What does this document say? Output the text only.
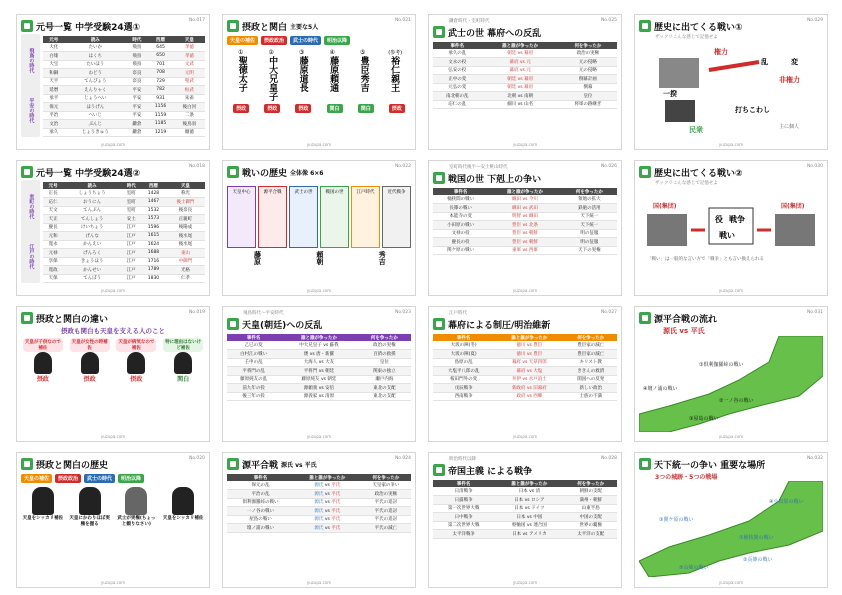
元号一覧 中学受験24選①
No.017
飛鳥の時代
平安の時代
元号	読み	時代	西暦	天皇
大化	たいか	飛鳥	645	孝徳
白雉	はくち	飛鳥	650	孝徳
大宝	たいほう	飛鳥	701	文武
和銅	わどう	奈良	708	元明
天平	てんぴょう	奈良	729	聖武
延暦	えんりゃく	平安	782	桓武
承平	じょうへい	平安	931	朱雀
保元	ほうげん	平安	1156	後白河
平治	へいじ	平安	1159	二条
文治	ぶんじ	鎌倉	1185	後鳥羽
承久	じょうきゅう	鎌倉	1219	順徳
yuzupa.com
摂政と関白 主要な5人
No.021
天皇の補佐	摂政政治	武士の時代	明治以降
①
聖徳太子
②
中大兄皇子
③
藤原道長
④
藤原頼通
⑤
豊臣秀吉
(参考)
裕仁親王
摂政	摂政	摂政	関白	関白	摂政
yuzupa.com
鎌倉時代・室町時代
武士の世 幕府への反乱
No.025
事件名	誰と誰が争ったか	何を争ったか
承久の乱	朝廷 vs 幕府	政治の実権
文永の役	幕府 vs 元	元の侵略
弘安の役	幕府 vs 元	元の侵略
正中の変	朝廷 vs 幕府	倒幕計画
元弘の変	朝廷 vs 幕府	倒幕
南北朝の乱	北朝 vs 南朝	皇位
応仁の乱	細川 vs 山名	将軍の跡継ぎ
yuzupa.com
歴史に出てくる戦い①
ザックリこんな感じで記憶せよ
No.029
権力
乱	変
非権力
一揆
打ちこわし
民衆	主に個人
yuzupa.com
元号一覧 中学受験24選②
No.018
室町の時代
江戸の時代
元号	読み	時代	西暦	天皇
正長	しょうちょう	室町	1428	称光
応仁	おうにん	室町	1467	後土御門
天文	てんぶん	室町	1532	後奈良
天正	てんしょう	安土	1573	正親町
慶長	けいちょう	江戸	1596	後陽成
元和	げんな	江戸	1615	後水尾
寛永	かんえい	江戸	1624	後水尾
元禄	げんろく	江戸	1688	東山
享保	きょうほう	江戸	1716	中御門
寛政	かんせい	江戸	1789	光格
天保	てんぽう	江戸	1830	仁孝
yuzupa.com
戦いの歴史 全体像 6×6
No.022
天皇中心	源平合戦	武士の世	戦国の世	江戸時代	近代戦争
藤原	頼朝	秀吉
yuzupa.com
室町時代後半～安土桃山時代
戦国の世 下剋上の争い
No.026
事件名	誰と誰が争ったか	何を争ったか
桶狭間の戦い	織田 vs 今川	領地の拡大
長篠の戦い	織田 vs 武田	鉄砲の活用
本能寺の変	明智 vs 織田	天下統一
小田原の戦い	豊臣 vs 北条	天下統一
文禄の役	豊臣 vs 朝鮮	明の征服
慶長の役	豊臣 vs 朝鮮	明の征服
関ケ原の戦い	東軍 vs 西軍	天下の実権
yuzupa.com
歴史に出てくる戦い②
ザックリこんな感じで記憶せよ
No.030
国(集団)	国(集団)
役 戦争
戦い
「戦い」は一般的な言い方で「戦争」とも言い換えられる
yuzupa.com
摂政と関白の違い
No.019
摂政も関白も天皇を支える人のこと
天皇が子供なので補佐
摂政
天皇が女性の時補佐
摂政
天皇が病気なので補佐
摂政
特に理由はないけど補佐
関白
yuzupa.com
飛鳥時代～平安時代
天皇(朝廷)への反乱
No.023
事件名	誰と誰が争ったか	何を争ったか
乙巳の変	中大兄皇子 vs 蘇我	政治の実権
白村江の戦い	倭 vs 唐・新羅	百済の救援
壬申の乱	大海人 vs 大友	皇位
平将門の乱	平将門 vs 朝廷	関東の独立
藤原純友の乱	藤原純友 vs 朝廷	瀬戸内海
前九年の役	源頼義 vs 安倍	東北の支配
後三年の役	源義家 vs 清原	東北の支配
yuzupa.com
江戸時代
幕府による制圧/明治維新
No.027
事件名	誰と誰が争ったか	何を争ったか
大坂の陣(冬)	徳川 vs 豊臣	豊臣家の滅亡
大坂の陣(夏)	徳川 vs 豊臣	豊臣家の滅亡
島原の乱	幕府 vs 天草四郎	キリスト教
大塩平八郎の乱	幕府 vs 大塩	ききんの救済
桜田門外の変	井伊 vs 水戸浪士	開国への反発
戊辰戦争	新政府 vs 旧幕府	新しい政治
西南戦争	政府 vs 西郷	士族の不満
yuzupa.com
源平合戦の流れ
No.031
源氏 vs 平氏
①倶利伽羅峠の戦い
②一ノ谷の戦い
③屋島の戦い
④壇ノ浦の戦い
yuzupa.com
摂政と関白の歴史
No.020
天皇の補佐	摂政政治	武士の時代	明治以降
天皇をシッカリ補佐 天皇にかわりほぼ実権を握る
武士が実権(ちょっと頼りなさい)
天皇をシッカリ補佐
yuzupa.com
源平合戦 源氏 vs 平氏
No.024
事件名	誰と誰が争ったか	何を争ったか
保元の乱	源氏 vs 平氏	天皇家の争い
平治の乱	源氏 vs 平氏	政治の実権
倶利伽羅峠の戦い	源氏 vs 平氏	平氏の追討
一ノ谷の戦い	源氏 vs 平氏	平氏の追討
屋島の戦い	源氏 vs 平氏	平氏の追討
壇ノ浦の戦い	源氏 vs 平氏	平氏の滅亡
yuzupa.com
明治時代以降
帝国主義 による戦争
No.028
事件名	誰と誰が争ったか	何を争ったか
日清戦争	日本 vs 清	朝鮮の支配
日露戦争	日本 vs ロシア	満州・朝鮮
第一次世界大戦	日本 vs ドイツ	山東半島
日中戦争	日本 vs 中国	中国の支配
第二次世界大戦	枢軸国 vs 連合国	世界の覇権
太平洋戦争	日本 vs アメリカ	太平洋の支配
yuzupa.com
天下統一の争い 重要な場所
No.032
3つの城跡・5つの戦場
①桶狭間の戦い
②長篠の戦い
③関ケ原の戦い
④小田原の戦い
⑤山崎の戦い
yuzupa.com
